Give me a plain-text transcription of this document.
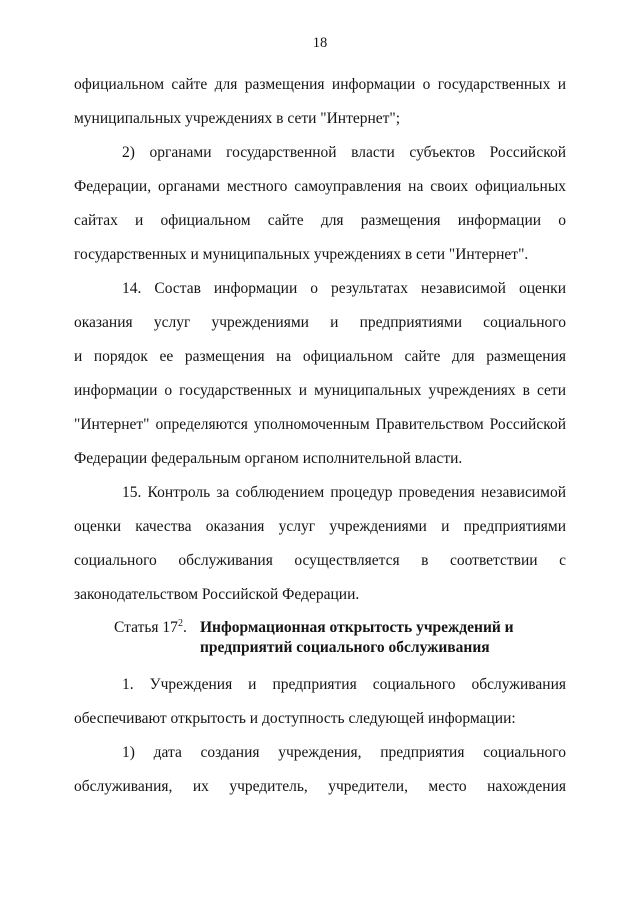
18
официальном сайте для размещения информации о государственных и
муниципальных учреждениях в сети "Интернет";
2) органами государственной власти субъектов Российской
Федерации, органами местного самоуправления на своих официальных
сайтах и официальном сайте для размещения информации о
государственных и муниципальных учреждениях в сети "Интернет".
14. Состав информации о результатах независимой оценки
оказания услуг учреждениями и предприятиями социального
и порядок ее размещения на официальном сайте для размещения
информации о государственных и муниципальных учреждениях в сети
"Интернет" определяются уполномоченным Правительством Российской
Федерации федеральным органом исполнительной власти.
15. Контроль за соблюдением процедур проведения независимой
оценки качества оказания услуг учреждениями и предприятиями
социального обслуживания осуществляется в соответствии с
законодательством Российской Федерации.
Статья $17^2$. Информационная открытость учреждений и
предприятий социального обслуживания
1. Учреждения и предприятия социального обслуживания
обеспечивают открытость и доступность следующей информации:
1) дата создания учреждения, предприятия социального
обслуживания, их учредитель, учредители, место нахождения
